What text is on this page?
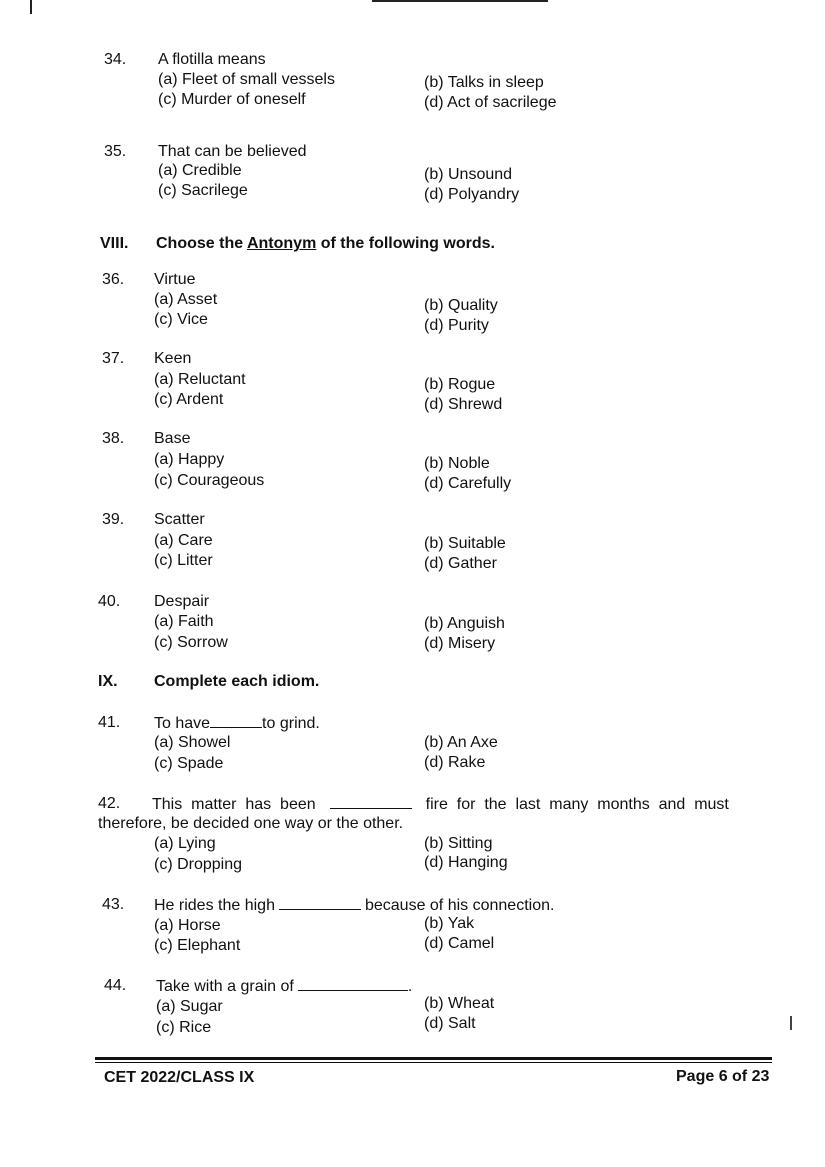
34. A flotilla means
(a) Fleet of small vessels	(b) Talks in sleep
(c) Murder of oneself	(d) Act of sacrilege
35. That can be believed
(a) Credible	(b) Unsound
(c) Sacrilege	(d) Polyandry
VIII. Choose the Antonym of the following words.
36. Virtue
(a) Asset	(b) Quality
(c) Vice	(d) Purity
37. Keen
(a) Reluctant	(b) Rogue
(c) Ardent	(d) Shrewd
38. Base
(a) Happy	(b) Noble
(c) Courageous	(d) Carefully
39. Scatter
(a) Care	(b) Suitable
(c) Litter	(d) Gather
40. Despair
(a) Faith	(b) Anguish
(c) Sorrow	(d) Misery
IX. Complete each idiom.
41. To have	to grind.
(a) Showel	(b) An Axe
(c) Spade	(d) Rake
42. This  matter  has  been	fire  for  the  last  many  months  and  must
therefore, be decided one way or the other.
(a) Lying	(b) Sitting
(c) Dropping	(d) Hanging
43. He rides the high	because of his connection.
(a) Horse	(b) Yak
(c) Elephant	(d) Camel
44. Take with a grain of	.
(a) Sugar	(b) Wheat
(c) Rice	(d) Salt
CET 2022/CLASS IX	Page 6 of 23
